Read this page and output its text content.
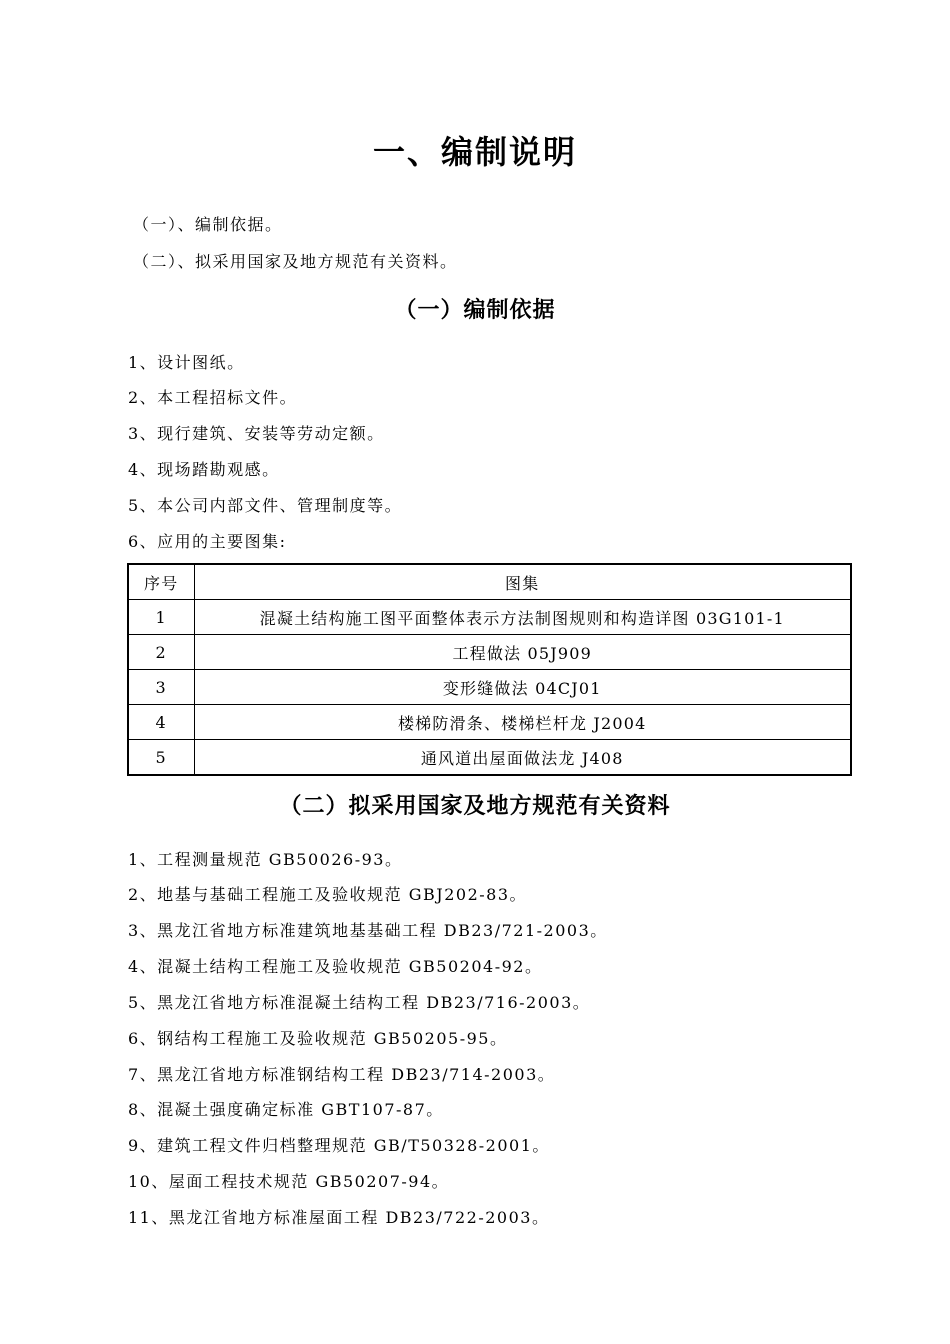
一、编制说明
（一）、编制依据。
（二）、拟采用国家及地方规范有关资料。
（一）编制依据
1、设计图纸。
2、本工程招标文件。
3、现行建筑、安装等劳动定额。
4、现场踏勘观感。
5、本公司内部文件、管理制度等。
6、应用的主要图集:
序号	图集
1	混凝土结构施工图平面整体表示方法制图规则和构造详图 03G101-1
2	工程做法 05J909
3	变形缝做法 04CJ01
4	楼梯防滑条、楼梯栏杆龙 J2004
5	通风道出屋面做法龙 J408
（二）拟采用国家及地方规范有关资料
1、工程测量规范 GB50026-93。
2、地基与基础工程施工及验收规范 GBJ202-83。
3、黑龙江省地方标准建筑地基基础工程 DB23/721-2003。
4、混凝土结构工程施工及验收规范 GB50204-92。
5、黑龙江省地方标准混凝土结构工程 DB23/716-2003。
6、钢结构工程施工及验收规范 GB50205-95。
7、黑龙江省地方标准钢结构工程 DB23/714-2003。
8、混凝土强度确定标准 GBT107-87。
9、建筑工程文件归档整理规范 GB/T50328-2001。
10、屋面工程技术规范 GB50207-94。
11、黑龙江省地方标准屋面工程 DB23/722-2003。
